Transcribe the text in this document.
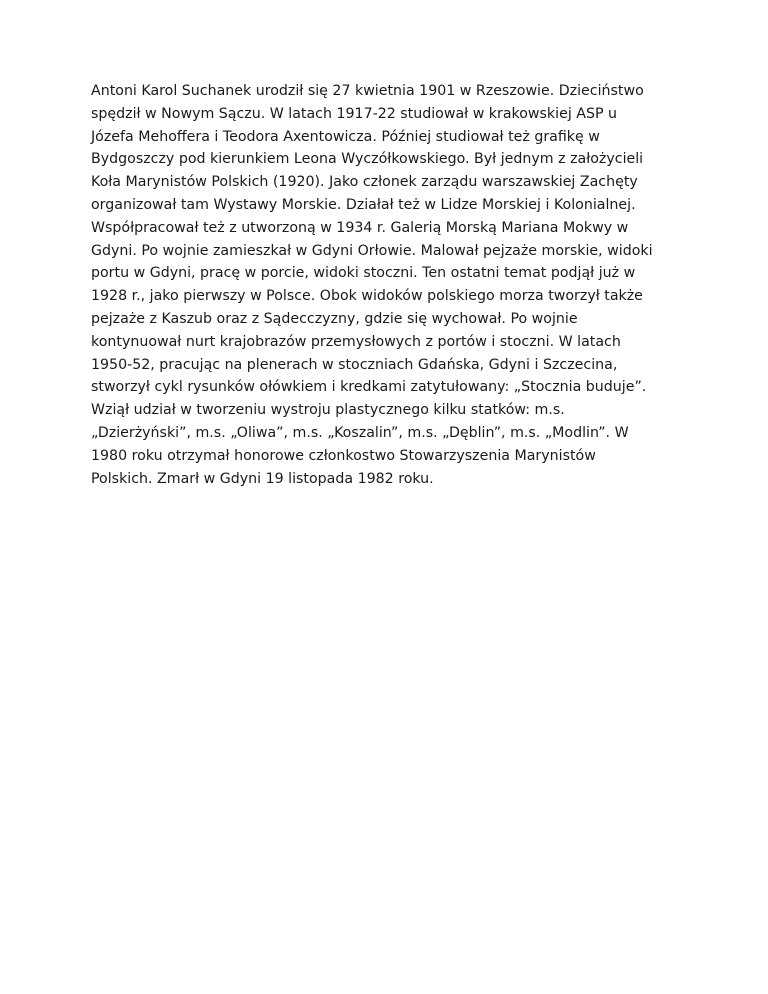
Antoni Karol Suchanek urodził się 27 kwietnia 1901 w Rzeszowie. Dzieciństwo
spędził w Nowym Sączu. W latach 1917-22 studiował w krakowskiej ASP u
Józefa Mehoffera i Teodora Axentowicza. Później studiował też grafikę w
Bydgoszczy pod kierunkiem Leona Wyczółkowskiego. Był jednym z założycieli
Koła Marynistów Polskich (1920). Jako członek zarządu warszawskiej Zachęty
organizował tam Wystawy Morskie. Działał też w Lidze Morskiej i Kolonialnej.
Współpracował też z utworzoną w 1934 r. Galerią Morską Mariana Mokwy w
Gdyni. Po wojnie zamieszkał w Gdyni Orłowie. Malował pejzaże morskie, widoki
portu w Gdyni, pracę w porcie, widoki stoczni. Ten ostatni temat podjął już w
1928 r., jako pierwszy w Polsce. Obok widoków polskiego morza tworzył także
pejzaże z Kaszub oraz z Sądecczyzny, gdzie się wychował. Po wojnie
kontynuował nurt krajobrazów przemysłowych z portów i stoczni. W latach
1950-52, pracując na plenerach w stoczniach Gdańska, Gdyni i Szczecina,
stworzył cykl rysunków ołówkiem i kredkami zatytułowany: „Stocznia buduje”.
Wziął udział w tworzeniu wystroju plastycznego kilku statków: m.s.
„Dzierżyński”, m.s. „Oliwa”, m.s. „Koszalin”, m.s. „Dęblin”, m.s. „Modlin”. W
1980 roku otrzymał honorowe członkostwo Stowarzyszenia Marynistów
Polskich. Zmarł w Gdyni 19 listopada 1982 roku.
